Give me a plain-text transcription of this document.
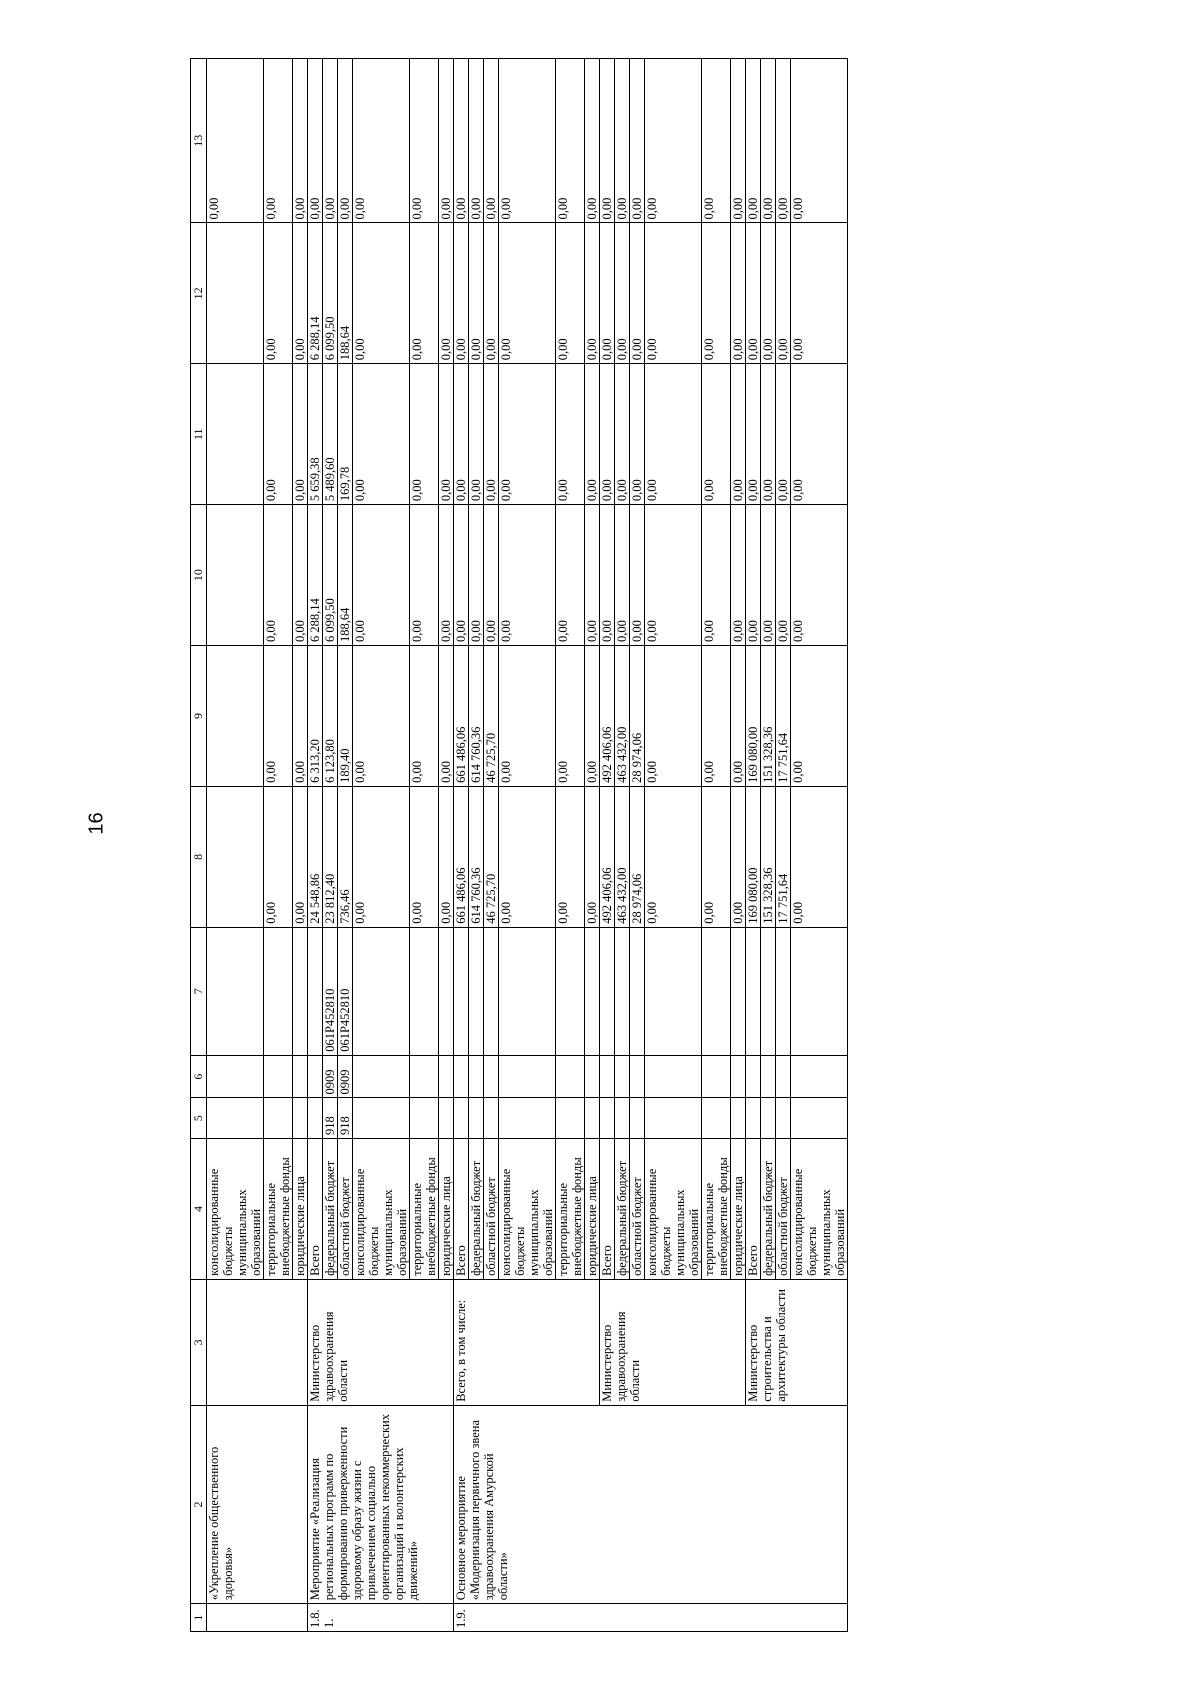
16
1	2	3	4	5	6	7	8	9	10	11	12	13
	«Укрепление общественного здоровья»		консолидированные бюджеты муниципальных образований									0,00
			территориальные внебюджетные фонды				0,00	0,00	0,00	0,00	0,00	0,00
			юридические лица				0,00	0,00	0,00	0,00	0,00	0,00
1.8.1.	Мероприятие «Реализация региональных программ по формированию приверженности здоровому образу жизни с привлечением социально ориентированных некоммерческих организаций и волонтерских движений»	Министерство здравоохранения области	Всего				24 548,86	6 313,20	6 288,14	5 659,38	6 288,14	0,00
			федеральный бюджет	918	0909	061P452810	23 812,40	6 123,80	6 099,50	5 489,60	6 099,50	0,00
			областной бюджет	918	0909	061P452810	736,46	189,40	188,64	169,78	188,64	0,00
			консолидированные бюджеты муниципальных образований				0,00	0,00	0,00	0,00	0,00	0,00
			территориальные внебюджетные фонды				0,00	0,00	0,00	0,00	0,00	0,00
			юридические лица				0,00	0,00	0,00	0,00	0,00	0,00
1.9.	Основное мероприятие «Модернизация первичного звена здравоохранения Амурской области»	Всего, в том числе:	Всего				661 486,06	661 486,06	0,00	0,00	0,00	0,00
			федеральный бюджет				614 760,36	614 760,36	0,00	0,00	0,00	0,00
			областной бюджет				46 725,70	46 725,70	0,00	0,00	0,00	0,00
			консолидированные бюджеты муниципальных образований				0,00	0,00	0,00	0,00	0,00	0,00
			территориальные внебюджетные фонды				0,00	0,00	0,00	0,00	0,00	0,00
			юридические лица				0,00	0,00	0,00	0,00	0,00	0,00
		Министерство здравоохранения области	Всего				492 406,06	492 406,06	0,00	0,00	0,00	0,00
			федеральный бюджет				463 432,00	463 432,00	0,00	0,00	0,00	0,00
			областной бюджет				28 974,06	28 974,06	0,00	0,00	0,00	0,00
			консолидированные бюджеты муниципальных образований				0,00	0,00	0,00	0,00	0,00	0,00
			территориальные внебюджетные фонды				0,00	0,00	0,00	0,00	0,00	0,00
			юридические лица				0,00	0,00	0,00	0,00	0,00	0,00
		Министерство строительства и архитектуры области	Всего				169 080,00	169 080,00	0,00	0,00	0,00	0,00
			федеральный бюджет				151 328,36	151 328,36	0,00	0,00	0,00	0,00
			областной бюджет				17 751,64	17 751,64	0,00	0,00	0,00	0,00
			консолидированные бюджеты муниципальных образований				0,00	0,00	0,00	0,00	0,00	0,00
